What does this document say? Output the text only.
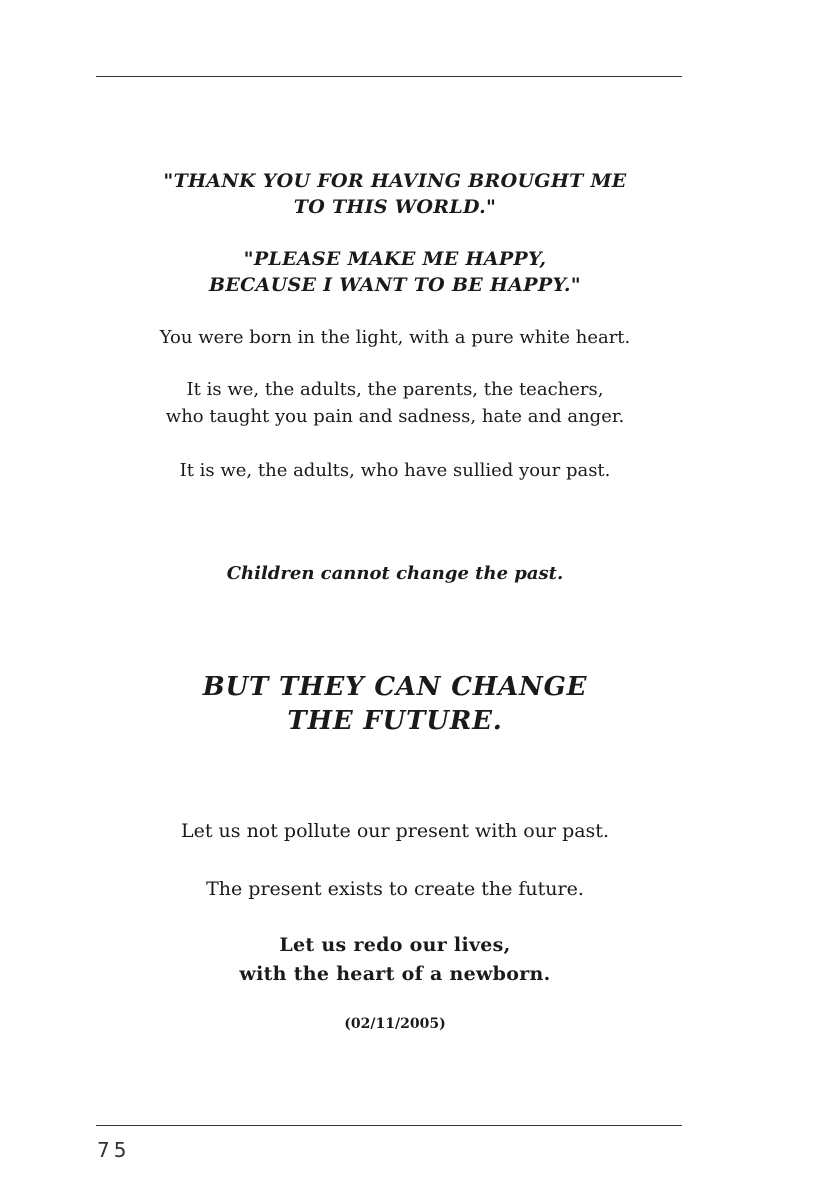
"THANK YOU FOR HAVING BROUGHT ME
TO THIS WORLD."
"PLEASE MAKE ME HAPPY,
BECAUSE I WANT TO BE HAPPY."
You were born in the light, with a pure white heart.
It is we, the adults, the parents, the teachers,
who taught you pain and sadness, hate and anger.
It is we, the adults, who have sullied your past.
Children cannot change the past.
BUT THEY CAN CHANGE
THE FUTURE.
Let us not pollute our present with our past.
The present exists to create the future.
Let us redo our lives,
with the heart of a newborn.
(02/11/2005)
75
